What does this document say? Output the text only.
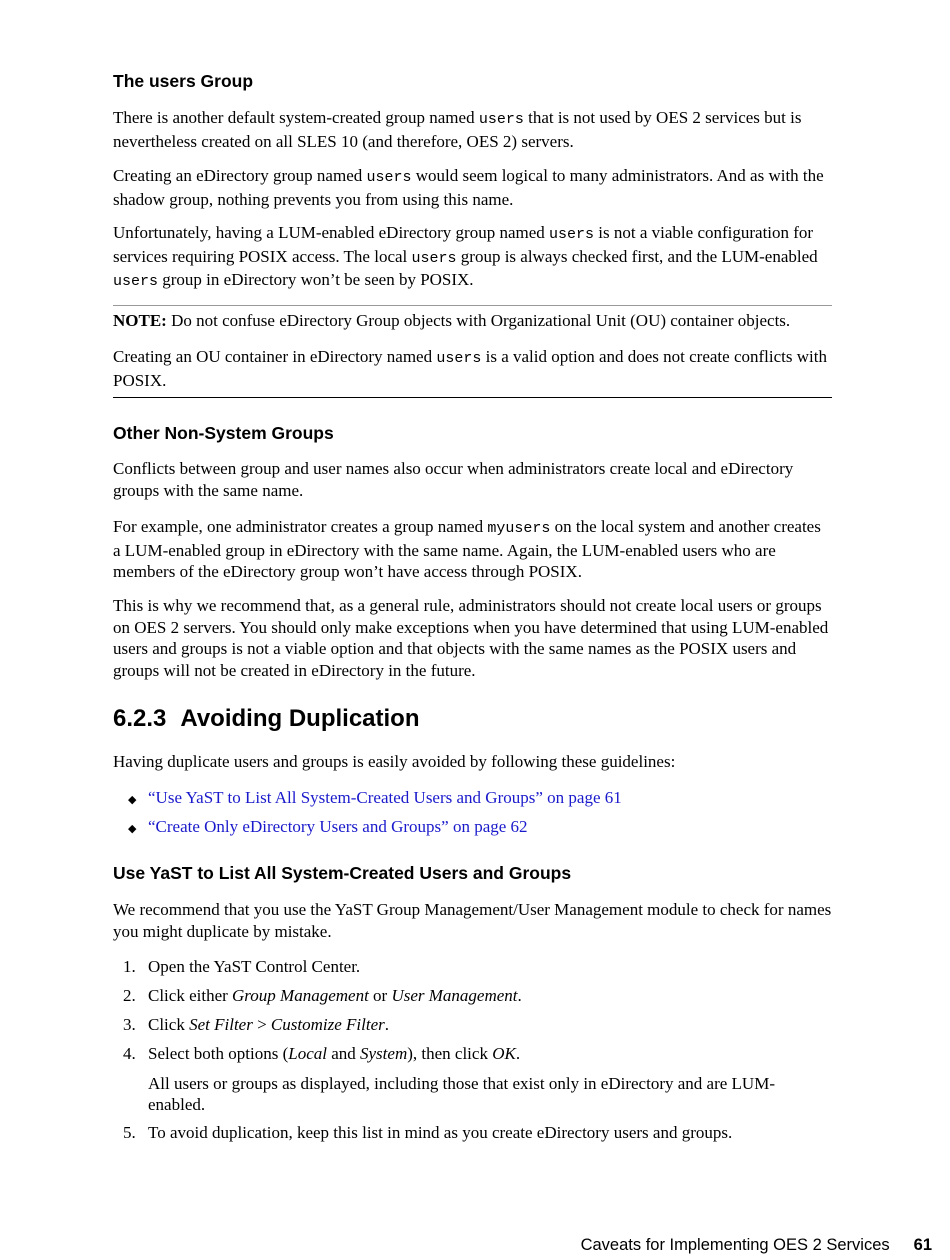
The users Group

There is another default system-created group named users that is not used by OES 2 services but is nevertheless created on all SLES 10 (and therefore, OES 2) servers.

Creating an eDirectory group named users would seem logical to many administrators. And as with the shadow group, nothing prevents you from using this name.

Unfortunately, having a LUM-enabled eDirectory group named users is not a viable configuration for services requiring POSIX access. The local users group is always checked first, and the LUM-enabled users group in eDirectory won’t be seen by POSIX.

NOTE: Do not confuse eDirectory Group objects with Organizational Unit (OU) container objects.

Creating an OU container in eDirectory named users is a valid option and does not create conflicts with POSIX.

Other Non-System Groups

Conflicts between group and user names also occur when administrators create local and eDirectory groups with the same name.

For example, one administrator creates a group named myusers on the local system and another creates a LUM-enabled group in eDirectory with the same name. Again, the LUM-enabled users who are members of the eDirectory group won’t have access through POSIX.

This is why we recommend that, as a general rule, administrators should not create local users or groups on OES 2 servers. You should only make exceptions when you have determined that using LUM-enabled users and groups is not a viable option and that objects with the same names as the POSIX users and groups will not be created in eDirectory in the future.

6.2.3 Avoiding Duplication

Having duplicate users and groups is easily avoided by following these guidelines:

◆ “Use YaST to List All System-Created Users and Groups” on page 61
◆ “Create Only eDirectory Users and Groups” on page 62
Use YaST to List All System-Created Users and Groups

We recommend that you use the YaST Group Management/User Management module to check for names you might duplicate by mistake.

1. Open the YaST Control Center.
2. Click either Group Management or User Management.
3. Click Set Filter > Customize Filter.
4. Select both options (Local and System), then click OK.
All users or groups as displayed, including those that exist only in eDirectory and are LUM-enabled.
5. To avoid duplication, keep this list in mind as you create eDirectory users and groups.
Caveats for Implementing OES 2 Services 61
